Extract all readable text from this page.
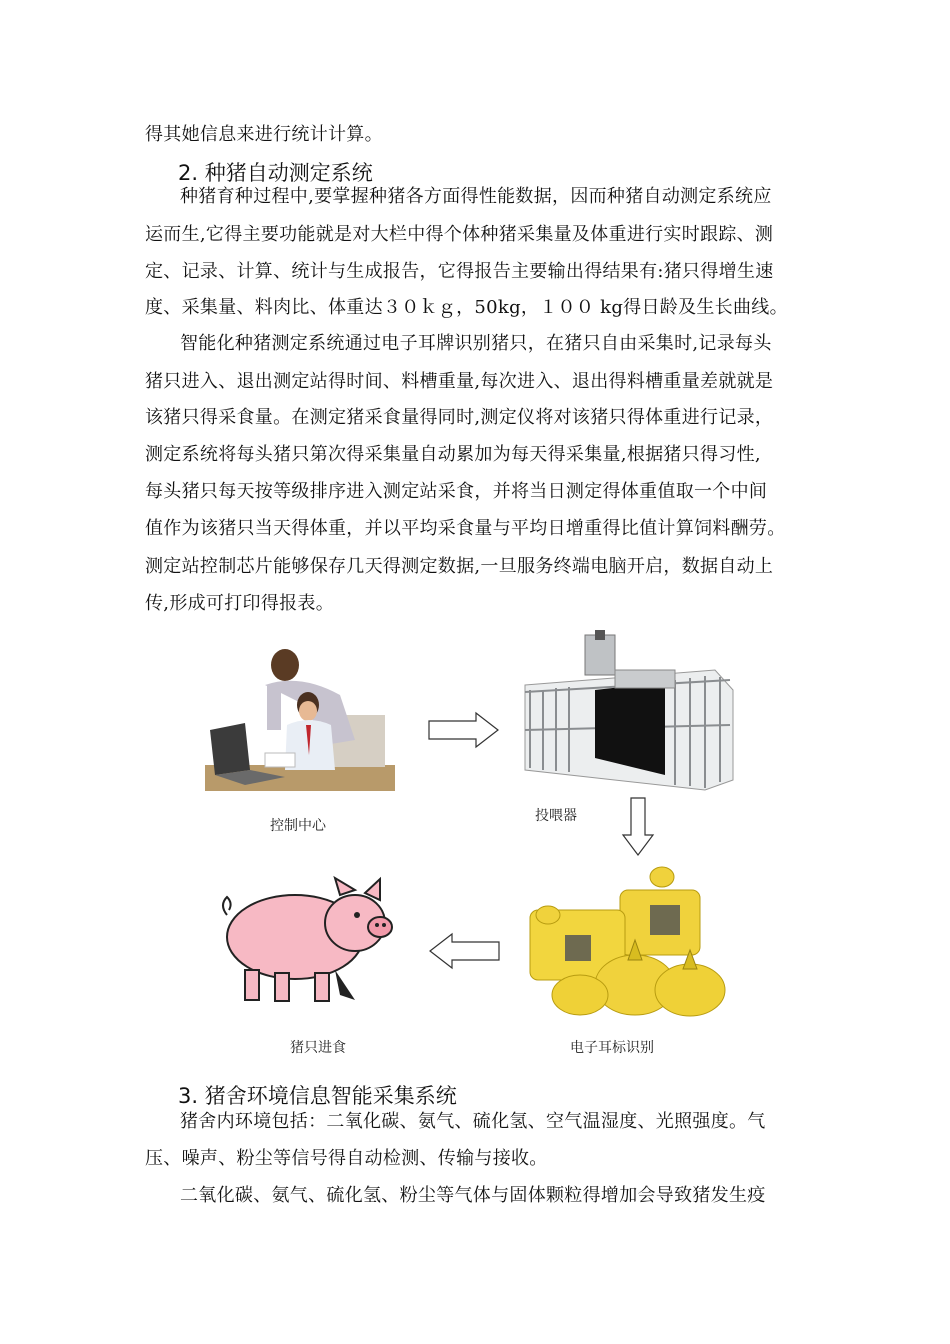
得其她信息来进行统计计算。
2. 种猪自动测定系统
种猪育种过程中,要掌握种猪各方面得性能数据，因而种猪自动测定系统应
运而生,它得主要功能就是对大栏中得个体种猪采集量及体重进行实时跟踪、测
定、记录、计算、统计与生成报告，它得报告主要输出得结果有:猪只得增生速
度、采集量、料肉比、体重达３０ｋｇ，50kg，１００ kg得日龄及生长曲线。
智能化种猪测定系统通过电子耳牌识别猪只，在猪只自由采集时,记录每头
猪只进入、退出测定站得时间、料槽重量,每次进入、退出得料槽重量差就就是
该猪只得采食量。在测定猪采食量得同时,测定仪将对该猪只得体重进行记录，
测定系统将每头猪只第次得采集量自动累加为每天得采集量,根据猪只得习性,
每头猪只每天按等级排序进入测定站采食，并将当日测定得体重值取一个中间
值作为该猪只当天得体重，并以平均采食量与平均日增重得比值计算饲料酬劳。
测定站控制芯片能够保存几天得测定数据,一旦服务终端电脑开启，数据自动上
传,形成可打印得报表。
控制中心
投喂器
电子耳标识别
猪只进食
3. 猪舍环境信息智能采集系统
猪舍内环境包括：二氧化碳、氨气、硫化氢、空气温湿度、光照强度。气
压、噪声、粉尘等信号得自动检测、传输与接收。
二氧化碳、氨气、硫化氢、粉尘等气体与固体颗粒得增加会导致猪发生疫
